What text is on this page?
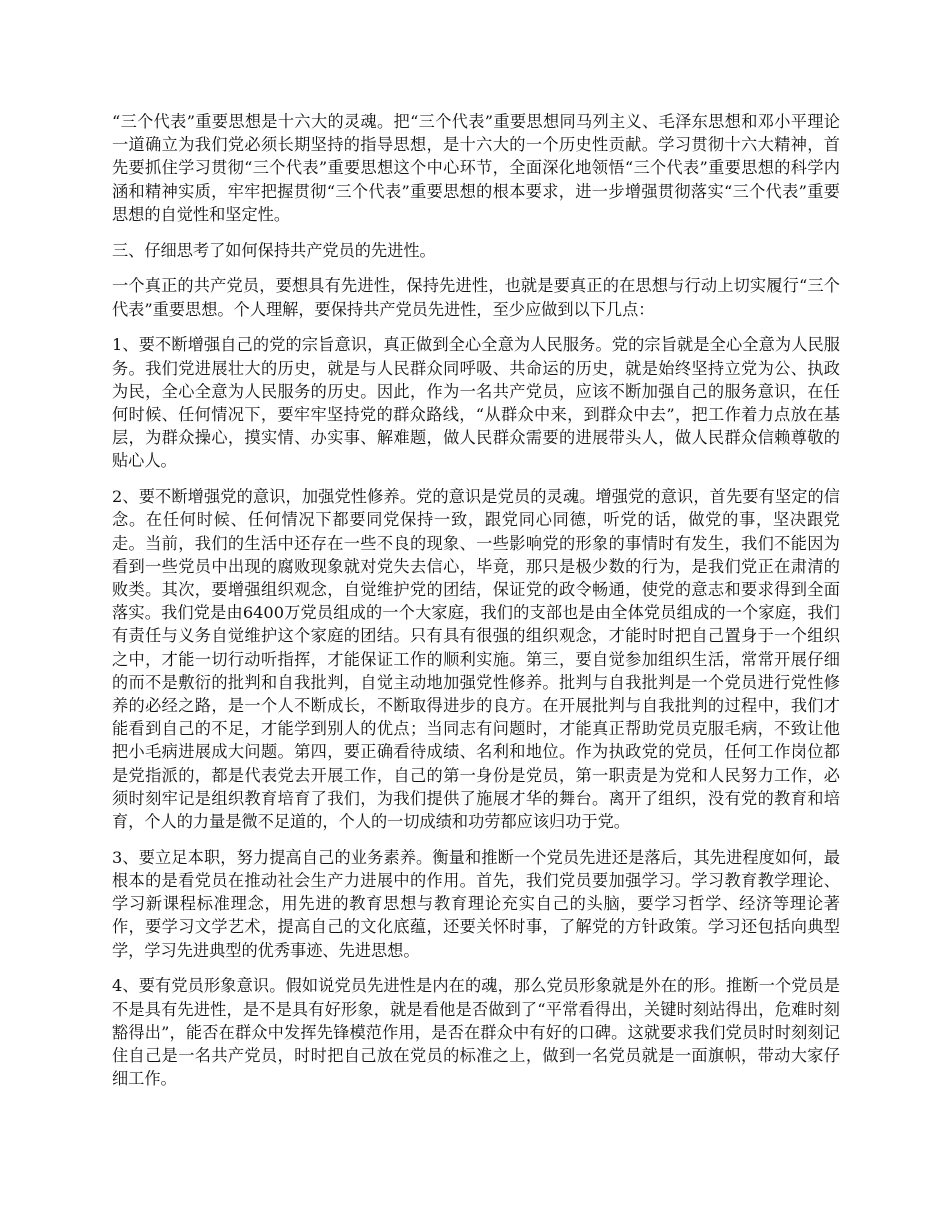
“三个代表”重要思想是十六大的灵魂。把“三个代表”重要思想同马列主义、毛泽东思想和邓小平理论一道确立为我们党必须长期坚持的指导思想，是十六大的一个历史性贡献。学习贯彻十六大精神，首先要抓住学习贯彻“三个代表”重要思想这个中心环节，全面深化地领悟“三个代表”重要思想的科学内涵和精神实质，牢牢把握贯彻“三个代表”重要思想的根本要求，进一步增强贯彻落实“三个代表”重要思想的自觉性和坚定性。

三、仔细思考了如何保持共产党员的先进性。

一个真正的共产党员，要想具有先进性，保持先进性，也就是要真正的在思想与行动上切实履行“三个代表”重要思想。个人理解，要保持共产党员先进性，至少应做到以下几点：

1、要不断增强自己的党的宗旨意识，真正做到全心全意为人民服务。党的宗旨就是全心全意为人民服务。我们党进展壮大的历史，就是与人民群众同呼吸、共命运的历史，就是始终坚持立党为公、执政为民，全心全意为人民服务的历史。因此，作为一名共产党员，应该不断加强自己的服务意识，在任何时候、任何情况下，要牢牢坚持党的群众路线，“从群众中来，到群众中去”，把工作着力点放在基层，为群众操心，摸实情、办实事、解难题，做人民群众需要的进展带头人，做人民群众信赖尊敬的贴心人。

2、要不断增强党的意识，加强党性修养。党的意识是党员的灵魂。增强党的意识，首先要有坚定的信念。在任何时候、任何情况下都要同党保持一致，跟党同心同德，听党的话，做党的事，坚决跟党走。当前，我们的生活中还存在一些不良的现象、一些影响党的形象的事情时有发生，我们不能因为看到一些党员中出现的腐败现象就对党失去信心，毕竟，那只是极少数的行为，是我们党正在肃清的败类。其次，要增强组织观念，自觉维护党的团结，保证党的政令畅通，使党的意志和要求得到全面落实。我们党是由6400万党员组成的一个大家庭，我们的支部也是由全体党员组成的一个家庭，我们有责任与义务自觉维护这个家庭的团结。只有具有很强的组织观念，才能时时把自己置身于一个组织之中，才能一切行动听指挥，才能保证工作的顺利实施。第三，要自觉参加组织生活，常常开展仔细的而不是敷衍的批判和自我批判，自觉主动地加强党性修养。批判与自我批判是一个党员进行党性修养的必经之路，是一个人不断成长，不断取得进步的良方。在开展批判与自我批判的过程中，我们才能看到自己的不足，才能学到别人的优点；当同志有问题时，才能真正帮助党员克服毛病，不致让他把小毛病进展成大问题。第四，要正确看待成绩、名利和地位。作为执政党的党员，任何工作岗位都是党指派的，都是代表党去开展工作，自己的第一身份是党员，第一职责是为党和人民努力工作，必须时刻牢记是组织教育培育了我们，为我们提供了施展才华的舞台。离开了组织，没有党的教育和培育，个人的力量是微不足道的，个人的一切成绩和功劳都应该归功于党。

3、要立足本职，努力提高自己的业务素养。衡量和推断一个党员先进还是落后，其先进程度如何，最根本的是看党员在推动社会生产力进展中的作用。首先，我们党员要加强学习。学习教育教学理论、学习新课程标准理念，用先进的教育思想与教育理论充实自己的头脑，要学习哲学、经济等理论著作，要学习文学艺术，提高自己的文化底蕴，还要关怀时事，了解党的方针政策。学习还包括向典型学，学习先进典型的优秀事迹、先进思想。

4、要有党员形象意识。假如说党员先进性是内在的魂，那么党员形象就是外在的形。推断一个党员是不是具有先进性，是不是具有好形象，就是看他是否做到了“平常看得出，关键时刻站得出，危难时刻豁得出”，能否在群众中发挥先锋模范作用，是否在群众中有好的口碑。这就要求我们党员时时刻刻记住自己是一名共产党员，时时把自己放在党员的标准之上，做到一名党员就是一面旗帜，带动大家仔细工作。
